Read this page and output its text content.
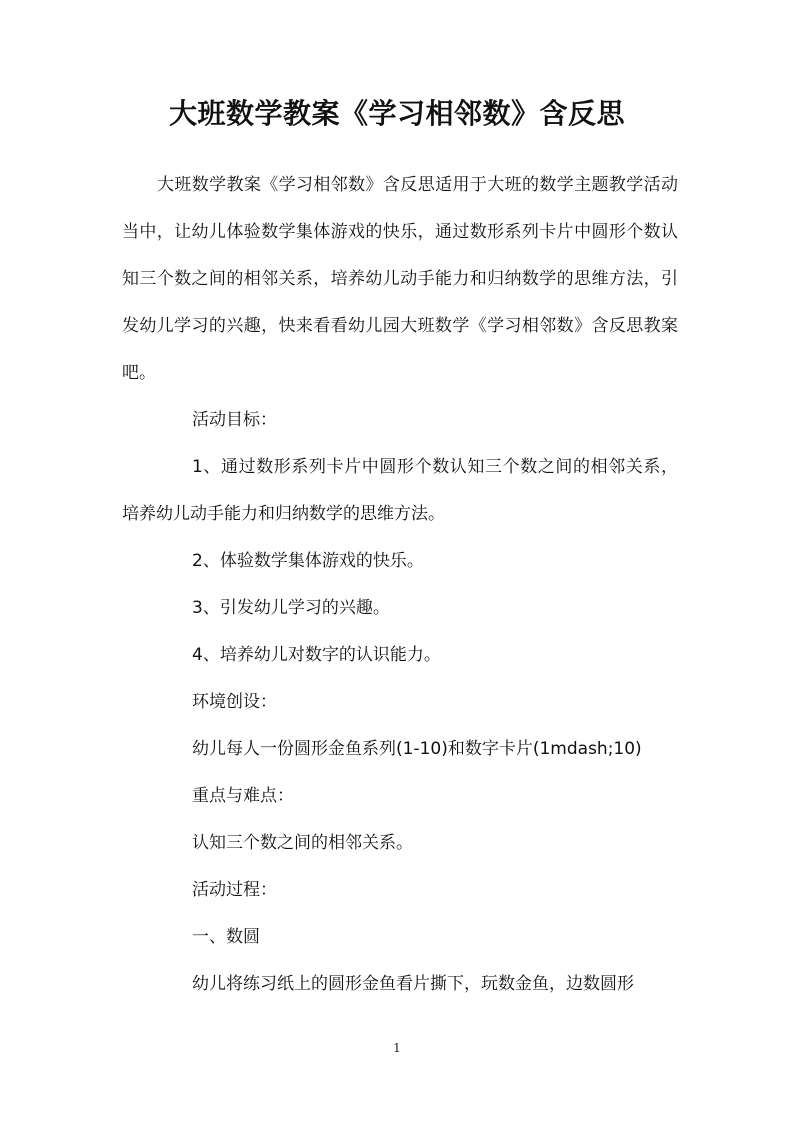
大班数学教案《学习相邻数》含反思

大班数学教案《学习相邻数》含反思适用于大班的数学主题教学活动当中，让幼儿体验数学集体游戏的快乐，通过数形系列卡片中圆形个数认知三个数之间的相邻关系，培养幼儿动手能力和归纳数学的思维方法，引发幼儿学习的兴趣，快来看看幼儿园大班数学《学习相邻数》含反思教案吧。

活动目标：

1、通过数形系列卡片中圆形个数认知三个数之间的相邻关系，培养幼儿动手能力和归纳数学的思维方法。

2、体验数学集体游戏的快乐。

3、引发幼儿学习的兴趣。

4、培养幼儿对数字的认识能力。

环境创设：

幼儿每人一份圆形金鱼系列(1-10)和数字卡片(1mdash;10)

重点与难点：

认知三个数之间的相邻关系。

活动过程：

一、数圆

幼儿将练习纸上的圆形金鱼看片撕下，玩数金鱼，边数圆形

1
